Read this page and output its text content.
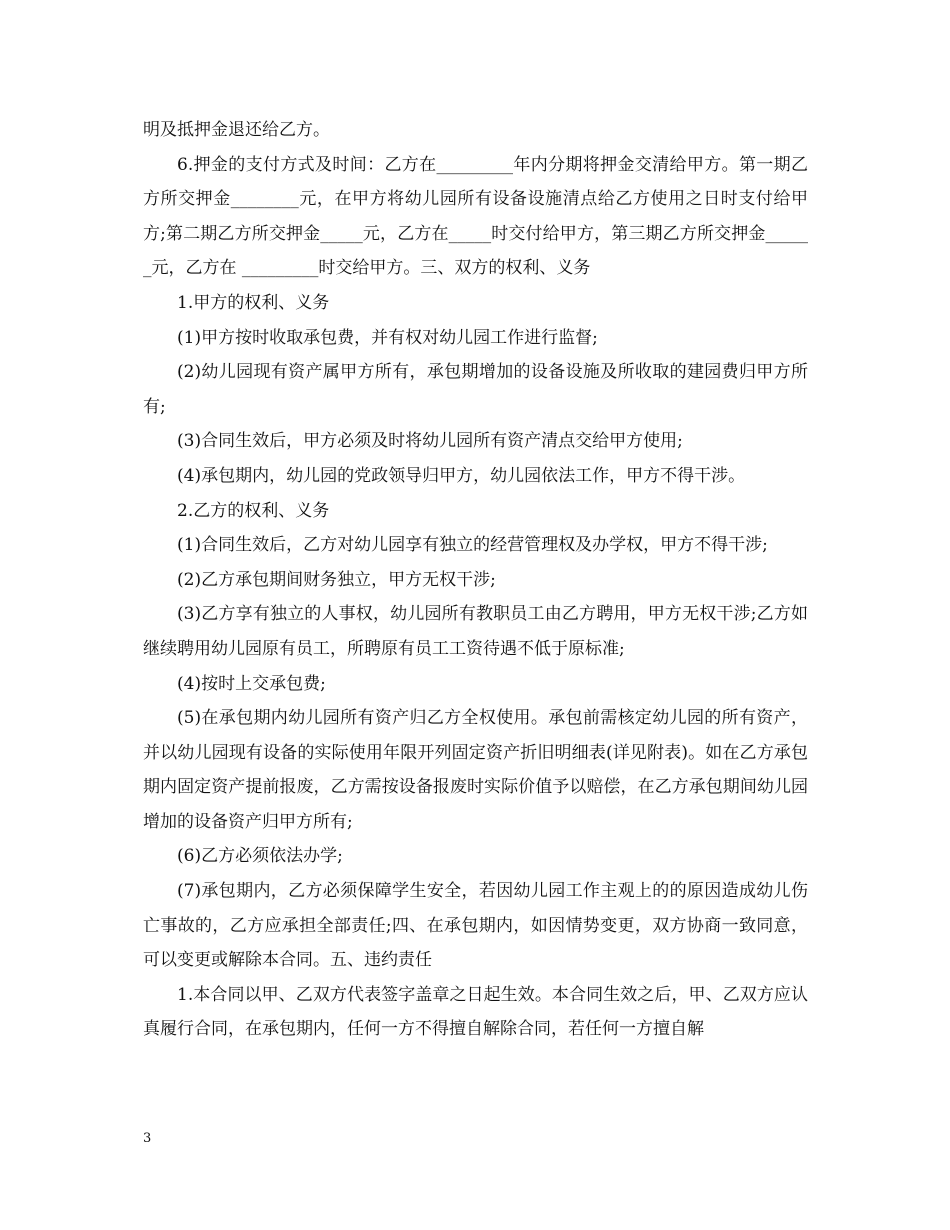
明及抵押金退还给乙方。

6.押金的支付方式及时间：乙方在_________年内分期将押金交清给甲方。第一期乙方所交押金________元，在甲方将幼儿园所有设备设施清点给乙方使用之日时支付给甲方;第二期乙方所交押金_____元，乙方在_____时交付给甲方，第三期乙方所交押金______元，乙方在 _________时交给甲方。三、双方的权利、义务

1.甲方的权利、义务

(1)甲方按时收取承包费，并有权对幼儿园工作进行监督;

(2)幼儿园现有资产属甲方所有，承包期增加的设备设施及所收取的建园费归甲方所有;

(3)合同生效后，甲方必须及时将幼儿园所有资产清点交给甲方使用;

(4)承包期内，幼儿园的党政领导归甲方，幼儿园依法工作，甲方不得干涉。

2.乙方的权利、义务

(1)合同生效后，乙方对幼儿园享有独立的经营管理权及办学权，甲方不得干涉;

(2)乙方承包期间财务独立，甲方无权干涉;

(3)乙方享有独立的人事权，幼儿园所有教职员工由乙方聘用，甲方无权干涉;乙方如继续聘用幼儿园原有员工，所聘原有员工工资待遇不低于原标准;

(4)按时上交承包费;

(5)在承包期内幼儿园所有资产归乙方全权使用。承包前需核定幼儿园的所有资产，并以幼儿园现有设备的实际使用年限开列固定资产折旧明细表(详见附表)。如在乙方承包期内固定资产提前报废，乙方需按设备报废时实际价值予以赔偿，在乙方承包期间幼儿园增加的设备资产归甲方所有;

(6)乙方必须依法办学;

(7)承包期内，乙方必须保障学生安全，若因幼儿园工作主观上的的原因造成幼儿伤亡事故的，乙方应承担全部责任;四、在承包期内，如因情势变更，双方协商一致同意，可以变更或解除本合同。五、违约责任

1.本合同以甲、乙双方代表签字盖章之日起生效。本合同生效之后，甲、乙双方应认真履行合同，在承包期内，任何一方不得擅自解除合同，若任何一方擅自解

3
